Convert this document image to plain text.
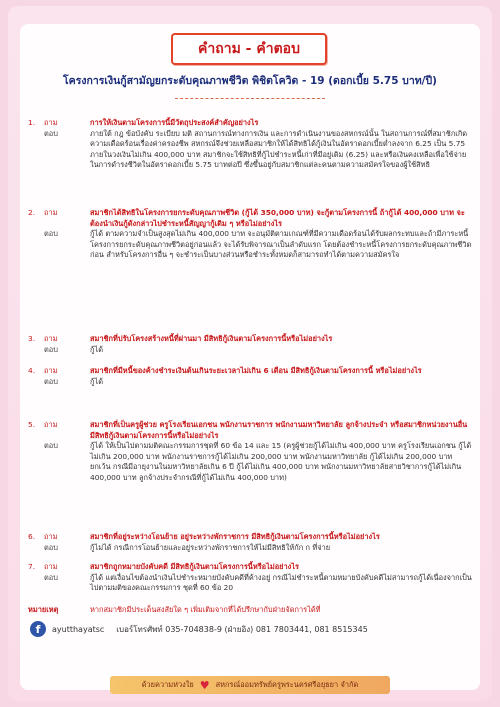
คำถาม - คำตอบ
โครงการเงินกู้สามัญยกระดับคุณภาพชีวิต พิชิตโควิด - 19 (ดอกเบี้ย 5.75 บาท/ปี)
1.	ถาม	การให้เงินตามโครงการนี้มีวัตถุประสงค์สำคัญอย่างไร
ตอบ	ภายใต้ กฎ ข้อบังคับ ระเบียบ มติ สถานการณ์ทางการเงิน และการดำเนินงานของสหกรณ์นั้น ในสถานการณ์ที่สมาชิกเกิดความเดือดร้อนเรื่องค่าครองชีพ สหกรณ์จึงช่วยเหลือสมาชิกให้ได้สิทธิได้กู้เงินในอัตราดอกเบี้ยต่ำลงจาก 6.25 เป็น 5.75 ภายในวงเงินไม่เกิน 400,000 บาท สมาชิกจะใช้สิทธิที่กู้ไปชำระหนี้เก่าที่มีอยู่เดิม (6.25) และหรือเงินคงเหลือเพื่อใช้จ่ายในการดำรงชีวิตในอัตราดอกเบี้ย 5.75 บาทต่อปี ซึ่งขึ้นอยู่กับสมาชิกแต่ละคนตามความสมัครใจของผู้ใช้สิทธิ
2.	ถาม	สมาชิกได้สิทธิในโครงการยกระดับคุณภาพชีวิต (กู้ได้ 350,000 บาท) จะกู้ตามโครงการนี้ ถ้ากู้ได้ 400,000 บาท จะต้องนำเงินกู้ดังกล่าวไปชำระหนี้สัญญากู้เดิม ๆ หรือไม่อย่างไร
ตอบ	กู้ได้ ตามความจำเป็นสูงสุดไม่เกิน 400,000 บาท จะอนุมัติตามเกณฑ์ที่มีความเดือดร้อนได้รับผลกระทบและถ้ามีภาระหนี้โครงการยกระดับคุณภาพชีวิตอยู่ก่อนแล้ว จะได้รับพิจารณาเป็นลำดับแรก โดยต้องชำระหนี้โครงการยกระดับคุณภาพชีวิตก่อน สำหรับโครงการอื่น ๆ จะชำระเป็นบางส่วนหรือชำระทั้งหมดก็สามารถทำได้ตามความสมัครใจ
3.	ถาม	สมาชิกที่ปรับโครงสร้างหนี้ที่ผ่านมา มีสิทธิกู้เงินตามโครงการนี้หรือไม่อย่างไร
ตอบ	กู้ได้
4.	ถาม	สมาชิกที่มีหนี้ของค้างชำระเงินต้นเกินระยะเวลาไม่เกิน 6 เดือน มีสิทธิกู้เงินตามโครงการนี้ หรือไม่อย่างไร
ตอบ	กู้ได้
5.	ถาม	สมาชิกที่เป็นครูผู้ช่วย ครูโรงเรียนเอกชน พนักงานราชการ พนักงานมหาวิทยาลัย ลูกจ้างประจำ หรือสมาชิกหน่วยงานอื่น มีสิทธิกู้เงินตามโครงการนี้หรือไม่อย่างไร
ตอบ	กู้ได้ ให้เป็นไปตามมติคณะกรรมการชุดที่ 60 ข้อ 14 และ 15 (ครูผู้ช่วยกู้ได้ไม่เกิน 400,000 บาท ครูโรงเรียนเอกชน กู้ได้ไม่เกิน 200,000 บาท พนักงานราชการกู้ได้ไม่เกิน 200,000 บาท พนักงานมหาวิทยาลัย กู้ได้ไม่เกิน 200,000 บาท ยกเว้น กรณีมีอายุงานในมหาวิทยาลัยเกิน 6 ปี กู้ได้ไม่เกิน 400,000 บาท พนักงานมหาวิทยาลัยสายวิชาการกู้ได้ไม่เกิน 400,000 บาท ลูกจ้างประจำกรณีที่กู้ได้ไม่เกิน 400,000 บาท)
6.	ถาม	สมาชิกที่อยู่ระหว่างโอนย้าย อยู่ระหว่างพักราชการ มีสิทธิกู้เงินตามโครงการนี้หรือไม่อย่างไร
ตอบ	กู้ไม่ได้ กรณีการโอนย้ายและอยู่ระหว่างพักราชการให้ไม่มีสิทธิให้กัก ก ที่จ่าย
7.	ถาม	สมาชิกถูกหมายบังคับคดี มีสิทธิกู้เงินตามโครงการนี้หรือไม่อย่างไร
ตอบ	กู้ได้ แต่เงื่อนไขต้องนำเงินไปชำระหมายบังคับคดีที่ค้างอยู่ กรณีไม่ชำระหนี้ตามหมายบังคับคดีไม่สามารถกู้ได้เนื่องจากเป็นไปตามมติของคณะกรรมการ ชุดที่ 60 ข้อ 20
หมายเหตุ	หากสมาชิกมีประเด็นสงสัยใด ๆ เพิ่มเติมจากที่ได้ปรึกษากับฝ่ายจัดการได้ที่
f	ayutthayatsc เบอร์โทรศัพท์ 035-704838-9 (ฝ่ายอิง) 081 7803441, 081 8515345
ด้วยความห่วงใย ♥ สหกรณ์ออมทรัพย์ครูพระนครศรีอยุธยา จำกัด
